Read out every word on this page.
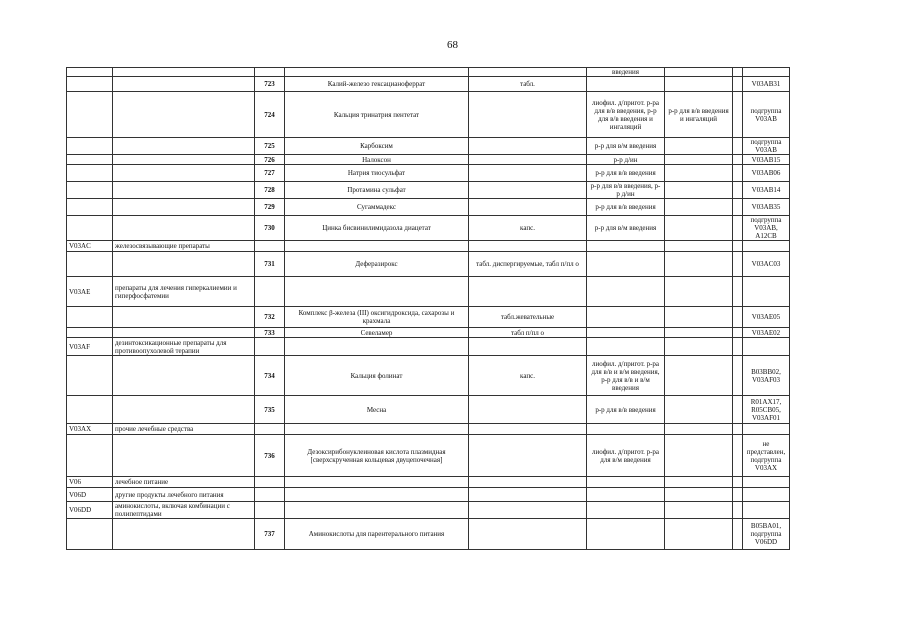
68
					введения			
		723	Калий-железо гексацианоферрат	табл.				V03AB31
		724	Кальция тринатрия пентетат		лиофил. д/пригот. р-ра для в/в введения, р-р для в/в введения и ингаляций	р-р для в/в введения и ингаляций		подгруппа V03AB
		725	Карбоксим		р-р для в/м введения			подгруппа V03AB
		726	Налоксон		р-р д/ин			V03AB15
		727	Натрия тиосульфат		р-р для в/в введения			V03AB06
		728	Протамина сульфат		р-р для в/в введения, р-р д/ин			V03AB14
		729	Сугаммадекс		р-р для в/в введения			V03AB35
		730	Цинка бисвинилимидазола диацетат	капс.	р-р для в/м введения			подгруппа V03AB, A12CB
V03AC	железосвязывающие препараты							
		731	Деферазирокс	табл. диспергируемые, табл п/пл о				V03AC03
V03AE	препараты для лечения гиперкалиемии и гиперфосфатемии							
		732	Комплекс β-железа (III) оксигидроксида, сахарозы и крахмала	табл.жевательные				V03AE05
		733	Севеламер	табл п/пл о				V03AE02
V03AF	дезинтоксикационные препараты для противоопухолевой терапии							
		734	Кальция фолинат	капс.	лиофил. д/пригот. р-ра для в/в и в/м введения, р-р для в/в и в/м введения			B03BB02, V03AF03
		735	Месна		р-р для в/в введения			R01AX17, R05CB05, V03AF01
V03AX	прочие лечебные средства							
		736	Дезоксирибонуклеиновая кислота плазмидная [сверхскрученная кольцевая двуцепочечная]		лиофил. д/пригот. р-ра для в/м введения			не представлен, подгруппа V03AX
V06	лечебное питание							
V06D	другие продукты лечебного питания							
V06DD	аминокислоты, включая комбинации с полипептидами							
		737	Аминокислоты для парентерального питания					B05BA01, подгруппа V06DD
